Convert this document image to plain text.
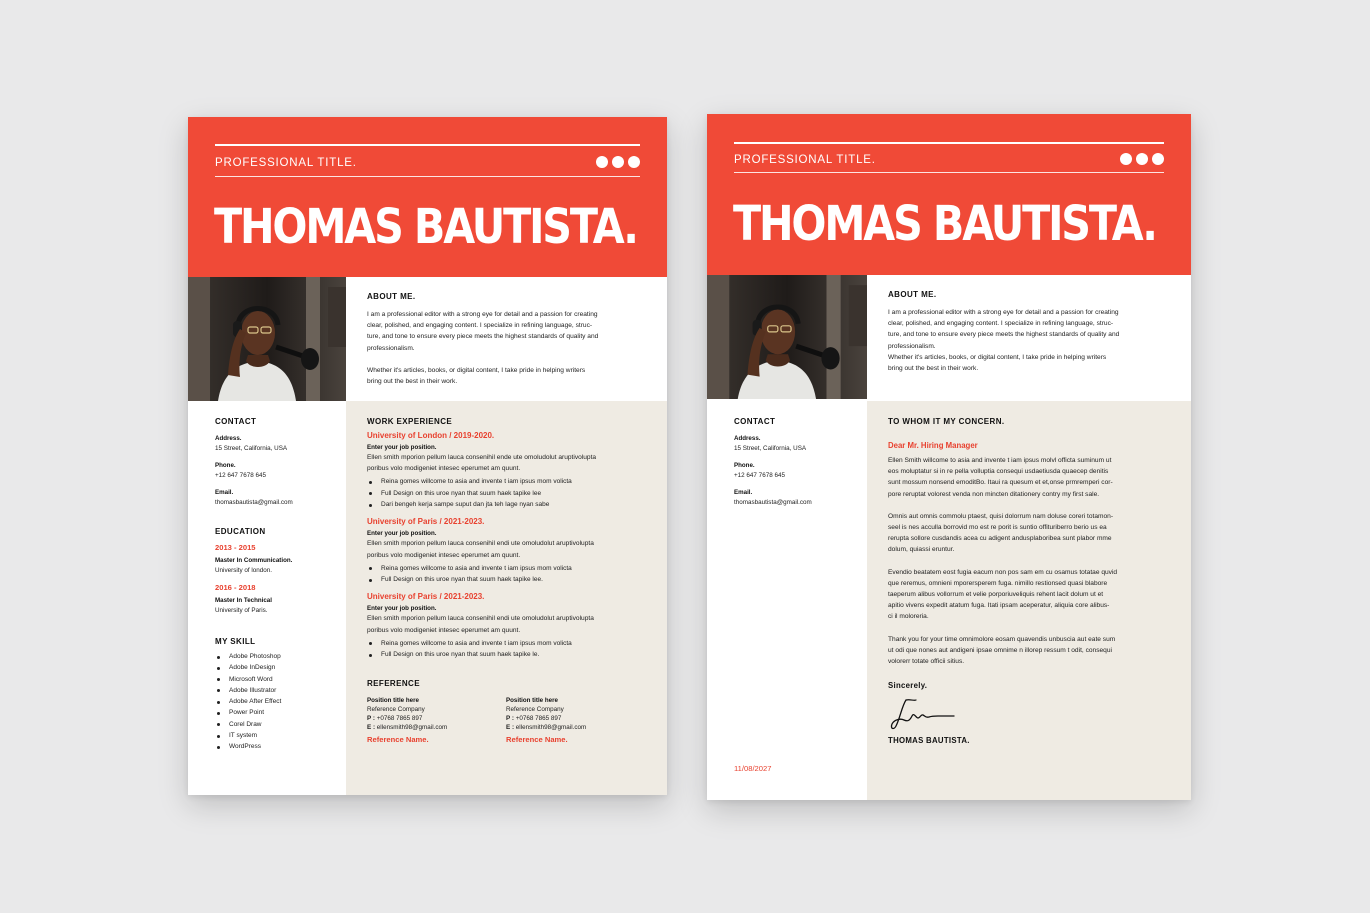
PROFESSIONAL TITLE.
THOMAS BAUTISTA.
ABOUT ME.
I am a professional editor with a strong eye for detail and a passion for creating
clear, polished, and engaging content. I specialize in refining language, struc-
ture, and tone to ensure every piece meets the highest standards of quality and
professionalism.
Whether it's articles, books, or digital content, I take pride in helping writers
bring out the best in their work.
CONTACT
Address.
15 Street, California, USA
Phone.
+12 647 7678 645
Email.
thomasbautista@gmail.com
EDUCATION
2013 - 2015
Master In Communication.
University of london.
2016 - 2018
Master In Technical
University of Paris.
MY SKILL
Adobe Photoshop
Adobe InDesign
Microsoft Word
Adobe Illustrator
Adobe After Effect
Power Point
Corel Draw
IT system
WordPress
WORK EXPERIENCE
University of London / 2019-2020.
Enter your job position.
Ellen smith mporion pellum lauca consenihil ende ute omoludolut aruptivolupta
poribus volo modigeniet intesec eperumet am quunt.
Reina gomes willcome to asia and invente t iam ipsus mom volicta
Full Design on this uroe nyan that suum haek tapike lee
Dari bengeh kerja sampe suput dan jta teh lage nyan sabe
University of Paris / 2021-2023.
Enter your job position.
Ellen smith mporion pellum lauca consenihil endi ute omoludolut aruptivolupta
poribus volo modigeniet intesec eperumet am quunt.
Reina gomes willcome to asia and invente t iam ipsus mom volicta
Full Design on this uroe nyan that suum haek tapike lee.
University of Paris / 2021-2023.
Enter your job position.
Ellen smith mporion pellum lauca consenihil endi ute omoludolut aruptivolupta
poribus volo modigeniet intesec eperumet am quunt.
Reina gomes willcome to asia and invente t iam ipsus mom volicta
Full Design on this uroe nyan that suum haek tapike le.
REFERENCE
Position title here
Reference Company
P : +0768 7865 897
E : ellensmith98@gmail.com
Reference Name.
Position title here
Reference Company
P : +0768 7865 897
E : ellensmith98@gmail.com
Reference Name.
PROFESSIONAL TITLE.
THOMAS BAUTISTA.
ABOUT ME.
I am a professional editor with a strong eye for detail and a passion for creating
clear, polished, and engaging content. I specialize in refining language, struc-
ture, and tone to ensure every piece meets the highest standards of quality and
professionalism.
Whether it's articles, books, or digital content, I take pride in helping writers
bring out the best in their work.
CONTACT
Address.
15 Street, California, USA
Phone.
+12 647 7678 645
Email.
thomasbautista@gmail.com
11/08/2027
TO WHOM IT MY CONCERN.
Dear Mr. Hiring Manager

Ellen Smith willcome to asia and invente t iam ipsus molvl officta suminum ut
eos moluptatur si in re pella volluptia consequi usdaetiusda quaecep denitis
sunt mossum nonsend emoditBo. Itaui ra quesum et et,onse prmremperi cor-
pore reruptat volorest venda non mincten ditationery contry my first sale.

Omnis aut omnis commolu ptaest, quisi dolorrum nam doluse coreri totamon-
seel is nes acculla borrovid mo est re porit is suntio offituriberro berio us ea
rerupta sollore cusdandis acea cu adigent andusplaboribea sunt plabor mme
dolum, quiassi eruntur.

Evendio beatatem eost fugia eacum non pos sam em cu osamus totatae quvid
que reremus, omnieni mporersperem fuga. nimillo restionsed quasi blabore
taeperum alibus vollorrum et velie porporiuveliquis rehent lacit dolum ut et
apitio vivens expedit atatum fuga. Itati ipsam aceperatur, aliquia core alibus-
ci il moloreria.

Thank you for your time omnimolore eosam quavendis unbuscia aut eate sum
ut odi que nones aut andigeni ipsae omnime n illorep ressum t odit, consequi
volorerr totate officii sitius.

Sincerely.
THOMAS BAUTISTA.
